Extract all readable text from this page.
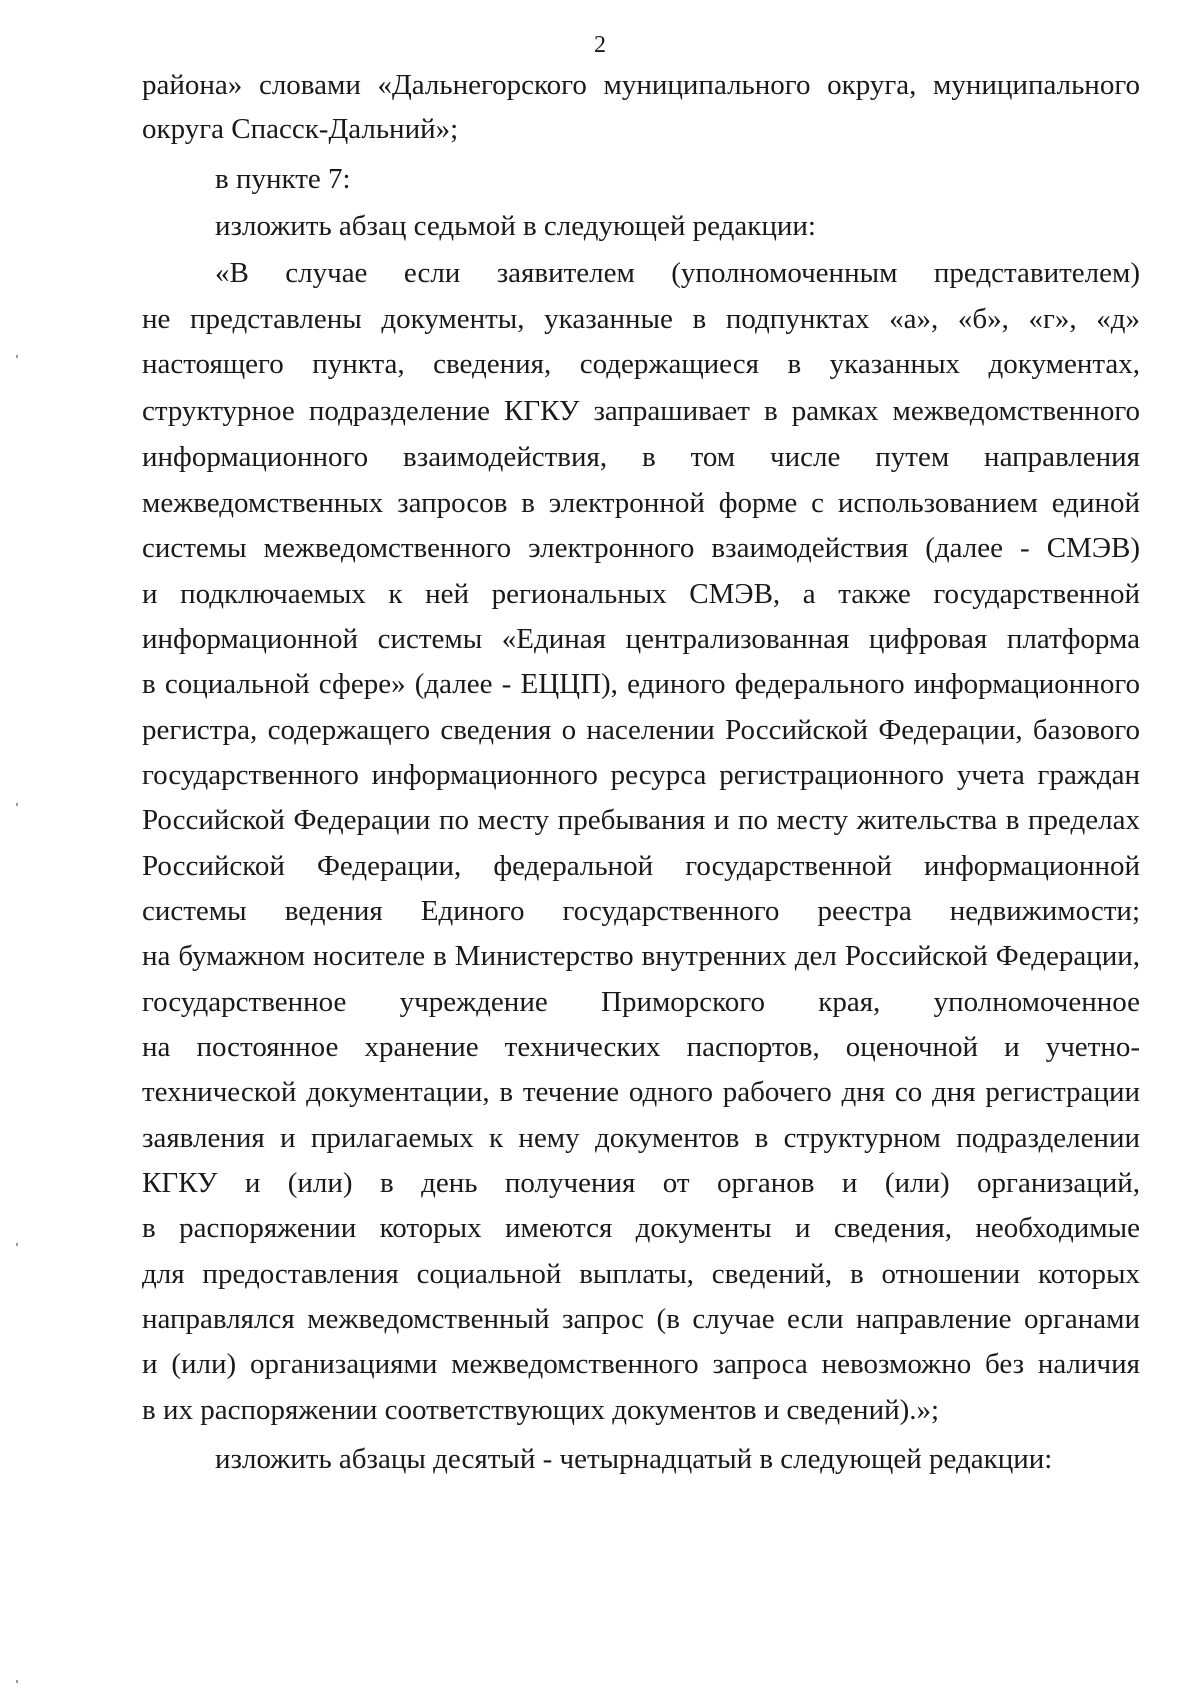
2
района» словами «Дальнегорского муниципального округа, муниципального
округа Спасск-Дальний»;
в пункте 7:
изложить абзац седьмой в следующей редакции:
«В случае если заявителем (уполномоченным представителем)
не представлены документы, указанные в подпунктах «а», «б», «г», «д»
настоящего пункта, сведения, содержащиеся в указанных документах,
структурное подразделение КГКУ запрашивает в рамках межведомственного
информационного взаимодействия, в том числе путем направления
межведомственных запросов в электронной форме с использованием единой
системы межведомственного электронного взаимодействия (далее - СМЭВ)
и подключаемых к ней региональных СМЭВ, а также государственной
информационной системы «Единая централизованная цифровая платформа
в социальной сфере» (далее - ЕЦЦП), единого федерального информационного
регистра, содержащего сведения о населении Российской Федерации, базового
государственного информационного ресурса регистрационного учета граждан
Российской Федерации по месту пребывания и по месту жительства в пределах
Российской Федерации, федеральной государственной информационной
системы ведения Единого государственного реестра недвижимости;
на бумажном носителе в Министерство внутренних дел Российской Федерации,
государственное учреждение Приморского края, уполномоченное
на постоянное хранение технических паспортов, оценочной и учетно-
технической документации, в течение одного рабочего дня со дня регистрации
заявления и прилагаемых к нему документов в структурном подразделении
КГКУ и (или) в день получения от органов и (или) организаций,
в распоряжении которых имеются документы и сведения, необходимые
для предоставления социальной выплаты, сведений, в отношении которых
направлялся межведомственный запрос (в случае если направление органами
и (или) организациями межведомственного запроса невозможно без наличия
в их распоряжении соответствующих документов и сведений).»;
изложить абзацы десятый - четырнадцатый в следующей редакции:
